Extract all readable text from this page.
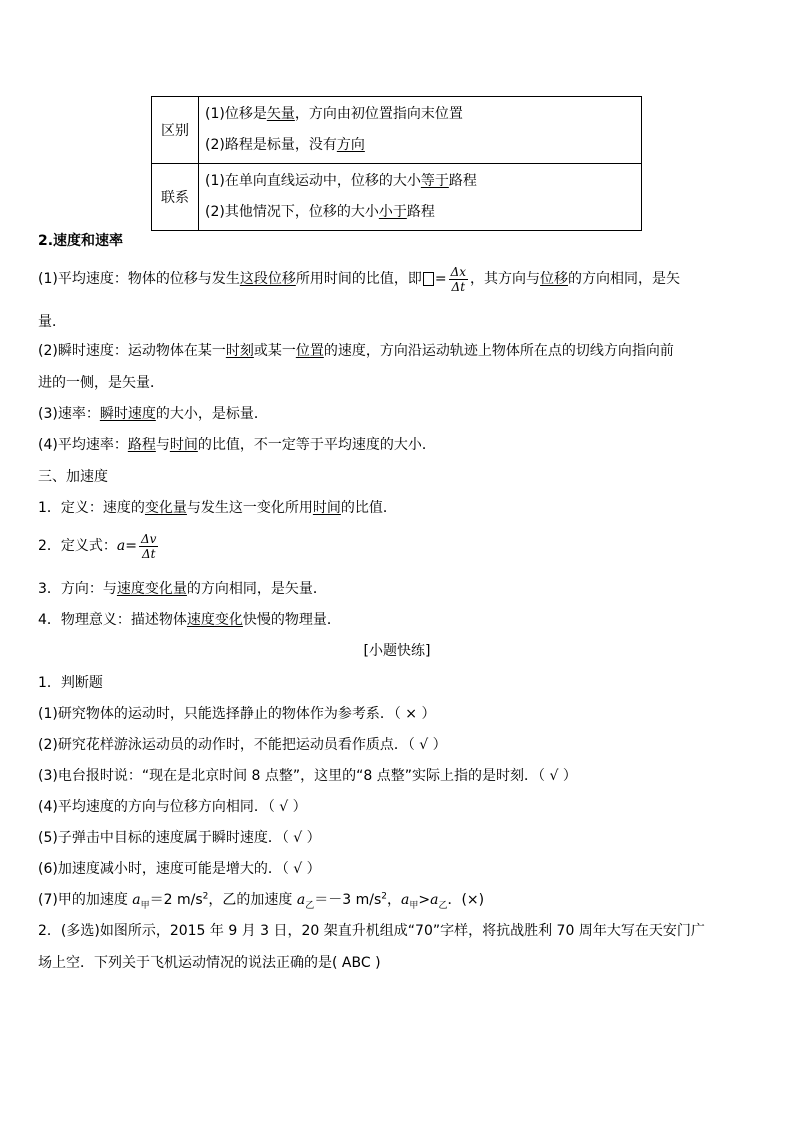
区别	(1)位移是矢量，方向由初位置指向末位置
(2)路程是标量，没有方向

联系	(1)在单向直线运动中，位移的大小等于路程
(2)其他情况下，位移的大小小于路程
2.速度和速率
(1)平均速度：物体的位移与发生这段位移所用时间的比值，即 = $\frac{\Delta x}{\Delta t}$ ，其方向与位移的方向相同，是矢
量．
(2)瞬时速度：运动物体在某一时刻或某一位置的速度，方向沿运动轨迹上物体所在点的切线方向指向前
进的一侧，是矢量．
(3)速率：瞬时速度的大小，是标量．
(4)平均速率：路程与时间的比值，不一定等于平均速度的大小．
三、加速度
1．定义：速度的变化量与发生这一变化所用时间的比值．
2．定义式：$a= \frac{\Delta v}{\Delta t}$
3．方向：与速度变化量的方向相同，是矢量．
4．物理意义：描述物体速度变化快慢的物理量．
[小题快练]
1．判断题
(1)研究物体的运动时，只能选择静止的物体作为参考系．（ × ）
(2)研究花样游泳运动员的动作时，不能把运动员看作质点．（ √ ）
(3)电台报时说：“现在是北京时间 8 点整”，这里的“8 点整”实际上指的是时刻．（ √ ）
(4)平均速度的方向与位移方向相同．（ √ ）
(5)子弹击中目标的速度属于瞬时速度．（ √ ）
(6)加速度减小时，速度可能是增大的．（ √ ）
(7)甲的加速度 $a_甲=2$ $m/s^2$，乙的加速度 $a_乙=-3$ $m/s^2$，$a_甲>a_乙$．(×)
2．(多选)如图所示，2015 年 9 月 3 日，20 架直升机组成“70”字样，将抗战胜利 70 周年大写在天安门广
场上空．下列关于飞机运动情况的说法正确的是( ABC )
